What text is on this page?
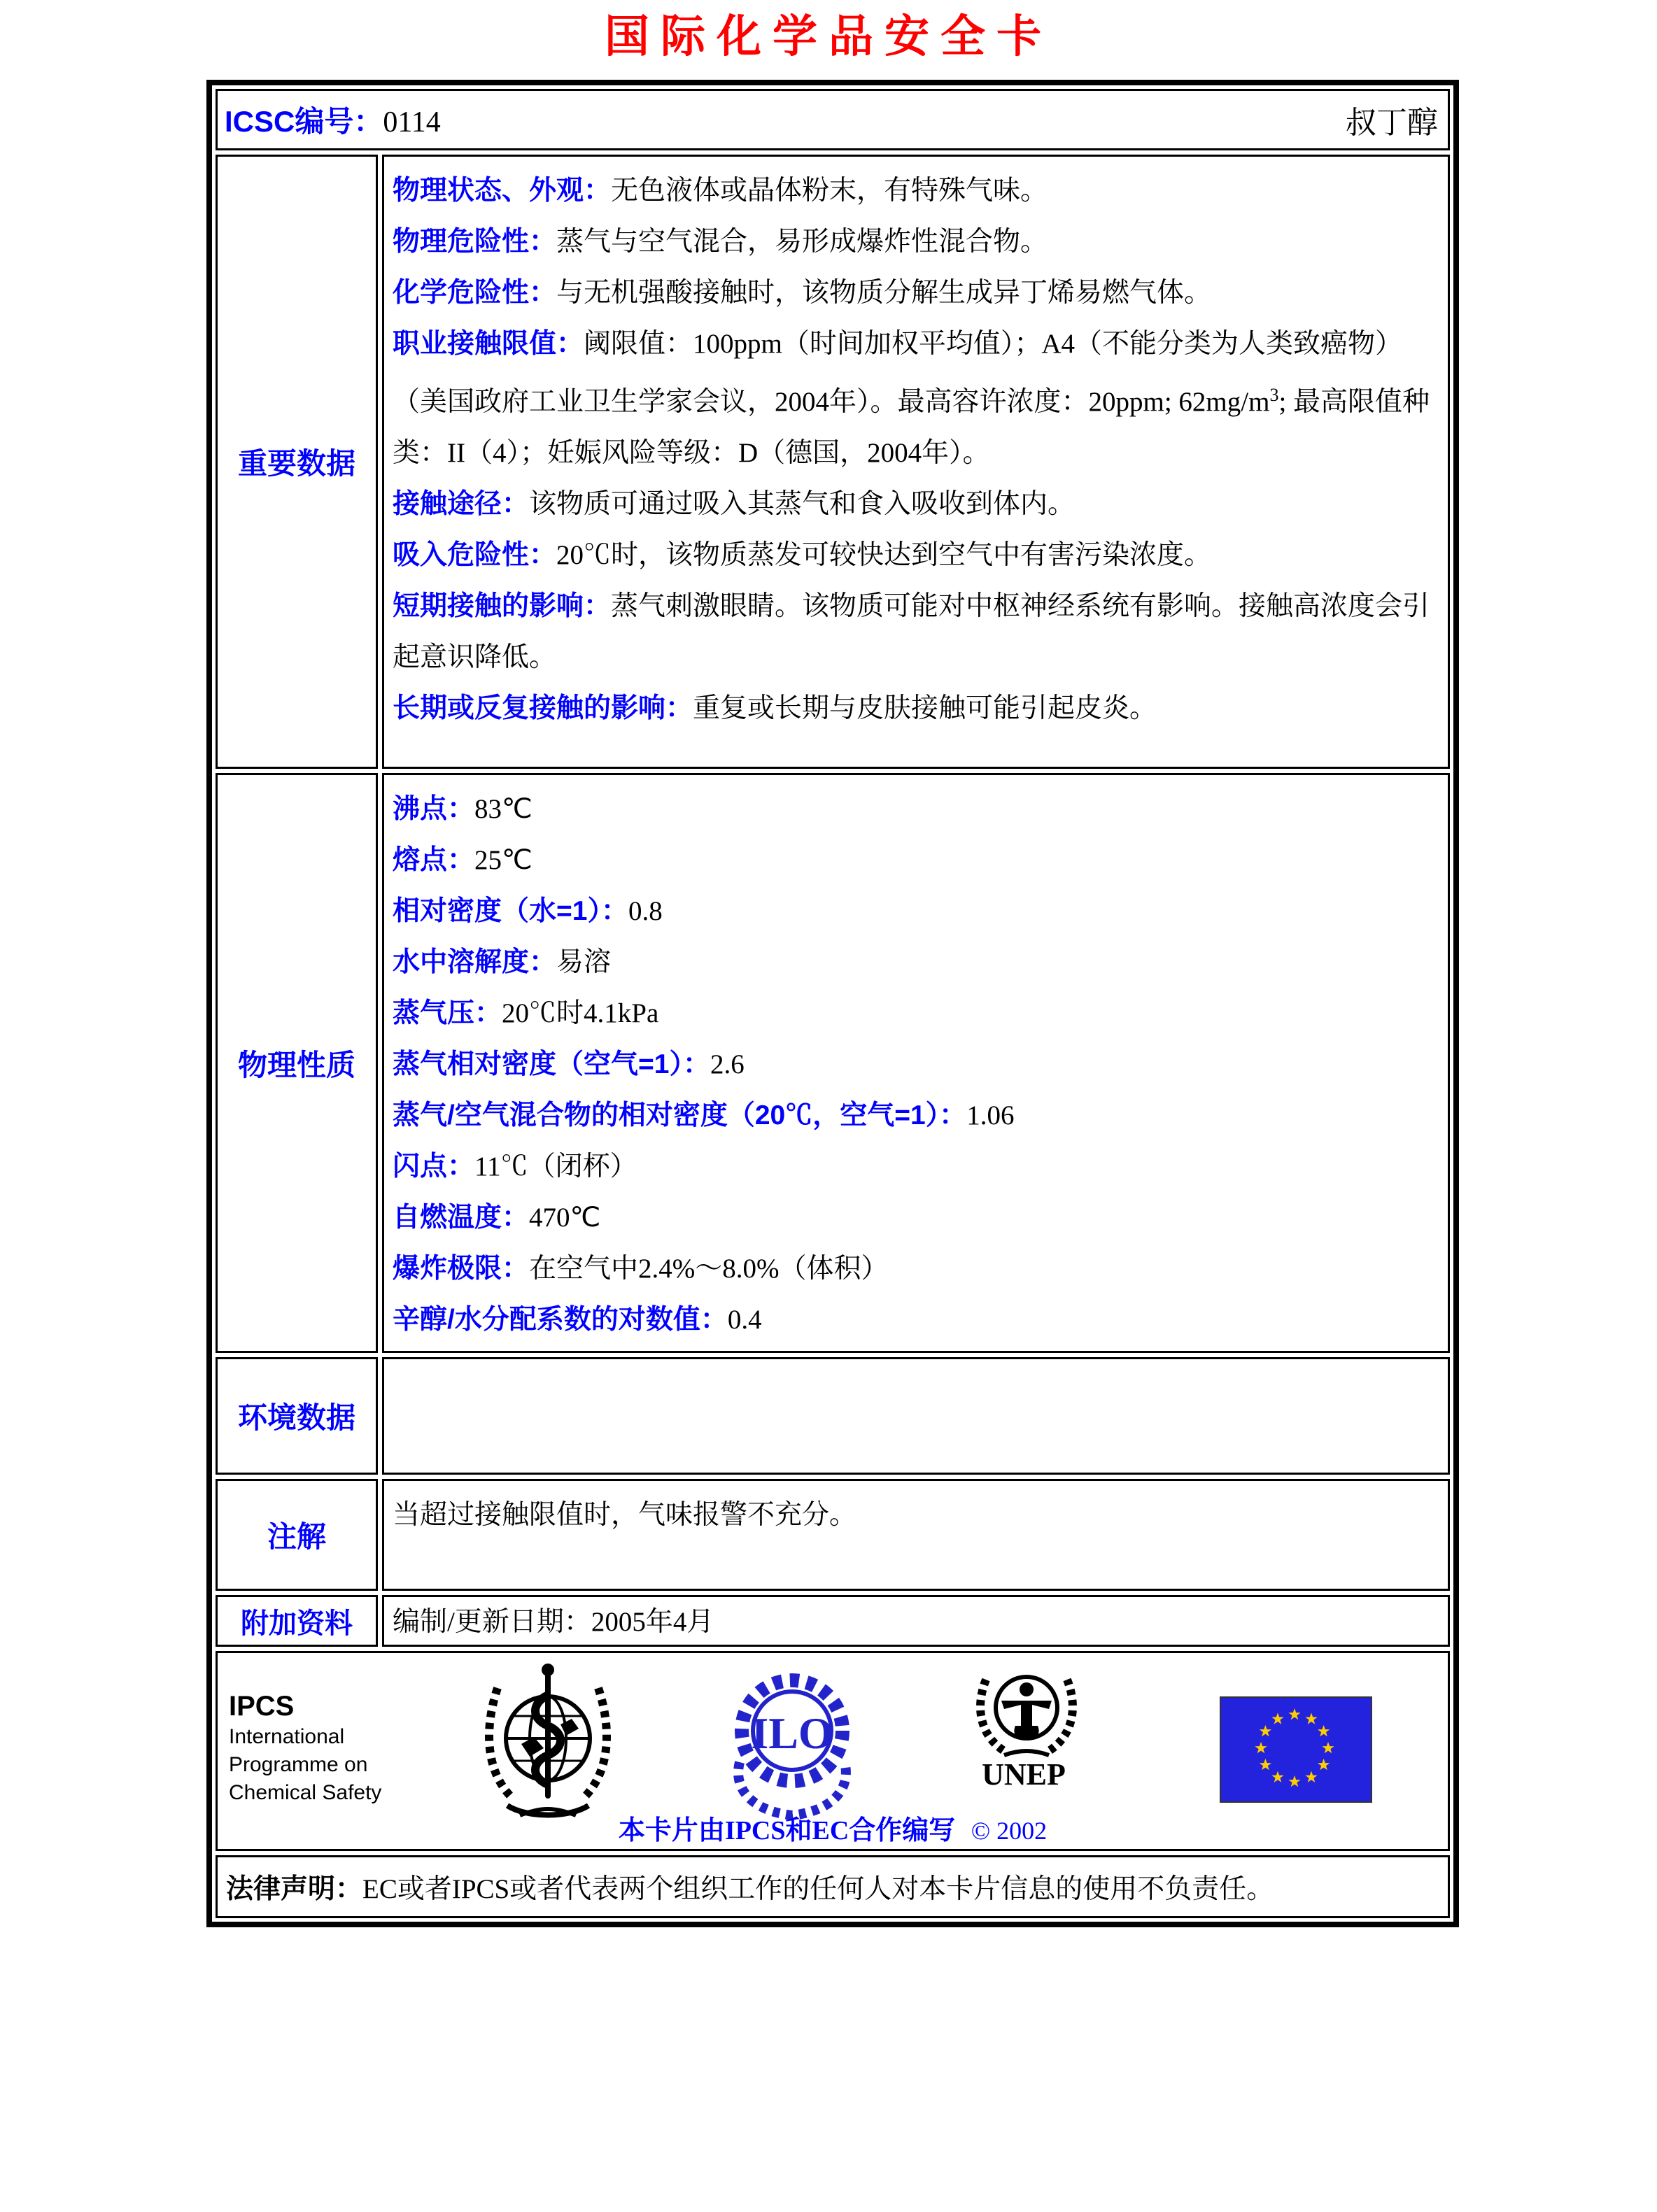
国际化学品安全卡
ICSC编号：0114	叔丁醇
重要数据
物理状态、外观：无色液体或晶体粉末，有特殊气味。
物理危险性：蒸气与空气混合，易形成爆炸性混合物。
化学危险性：与无机强酸接触时，该物质分解生成异丁烯易燃气体。
职业接触限值：阈限值：100ppm（时间加权平均值）；A4（不能分类为人类致癌物）（美国政府工业卫生学家会议，2004年）。最高容许浓度：20ppm; $62mg/m^3$; 最高限值种类：II（4）；妊娠风险等级：D（德国，2004年）。
接触途径：该物质可通过吸入其蒸气和食入吸收到体内。
吸入危险性：20℃时，该物质蒸发可较快达到空气中有害污染浓度。
短期接触的影响：蒸气刺激眼睛。该物质可能对中枢神经系统有影响。接触高浓度会引起意识降低。
长期或反复接触的影响：重复或长期与皮肤接触可能引起皮炎。
物理性质
沸点：83℃
熔点：25℃
相对密度（水=1）：0.8
水中溶解度：易溶
蒸气压：20℃时4.1kPa
蒸气相对密度（空气=1）：2.6
蒸气/空气混合物的相对密度（20℃，空气=1）：1.06
闪点：11℃（闭杯）
自燃温度：470℃
爆炸极限：在空气中2.4%～8.0%（体积）
辛醇/水分配系数的对数值：0.4
环境数据
注解
当超过接触限值时，气味报警不充分。
附加资料	编制/更新日期：2005年4月
IPCS
International
Programme on
Chemical Safety
ILO
UNEP
本卡片由IPCS和EC合作编写 © 2002
法律声明： EC或者IPCS或者代表两个组织工作的任何人对本卡片信息的使用不负责任。
